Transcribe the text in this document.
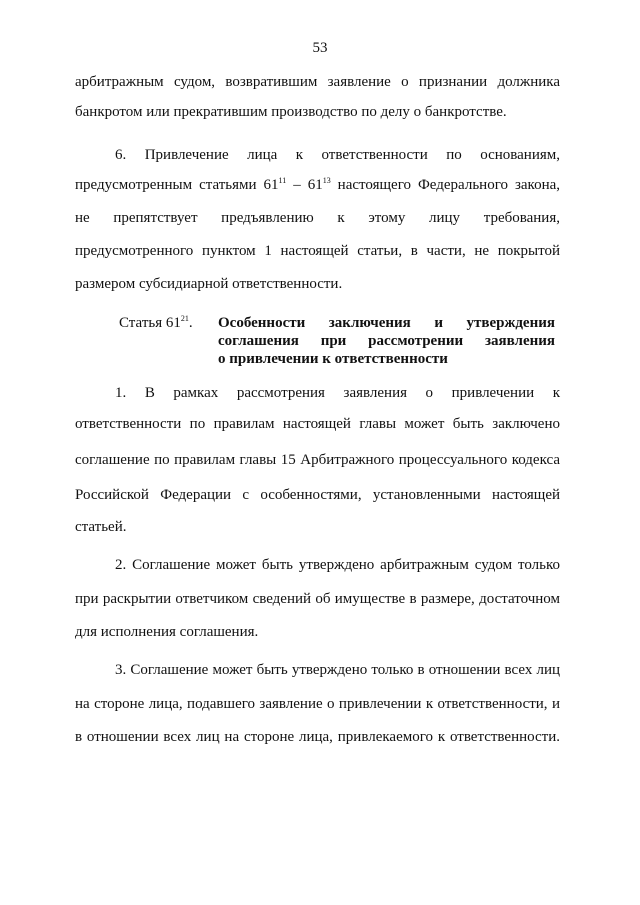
53
арбитражным судом, возвратившим заявление о признании должника
банкротом или прекратившим производство по делу о банкротстве.
6. Привлечение лица к ответственности по основаниям,
предусмотренным статьями $61^{11} - 61^{13}$ настоящего Федерального закона,
не препятствует предъявлению к этому лицу требования,
предусмотренного пунктом 1 настоящей статьи, в части, не покрытой
размером субсидиарной ответственности.
Статья $61^{21}$. Особенности заключения и утверждения
соглашения при рассмотрении заявления
о привлечении к ответственности
1. В рамках рассмотрения заявления о привлечении к
ответственности по правилам настоящей главы может быть заключено
соглашение по правилам главы 15 Арбитражного процессуального кодекса
Российской Федерации с особенностями, установленными настоящей
статьей.
2. Соглашение может быть утверждено арбитражным судом только
при раскрытии ответчиком сведений об имуществе в размере, достаточном
для исполнения соглашения.
3. Соглашение может быть утверждено только в отношении всех лиц
на стороне лица, подавшего заявление о привлечении к ответственности, и
в отношении всех лиц на стороне лица, привлекаемого к ответственности.
